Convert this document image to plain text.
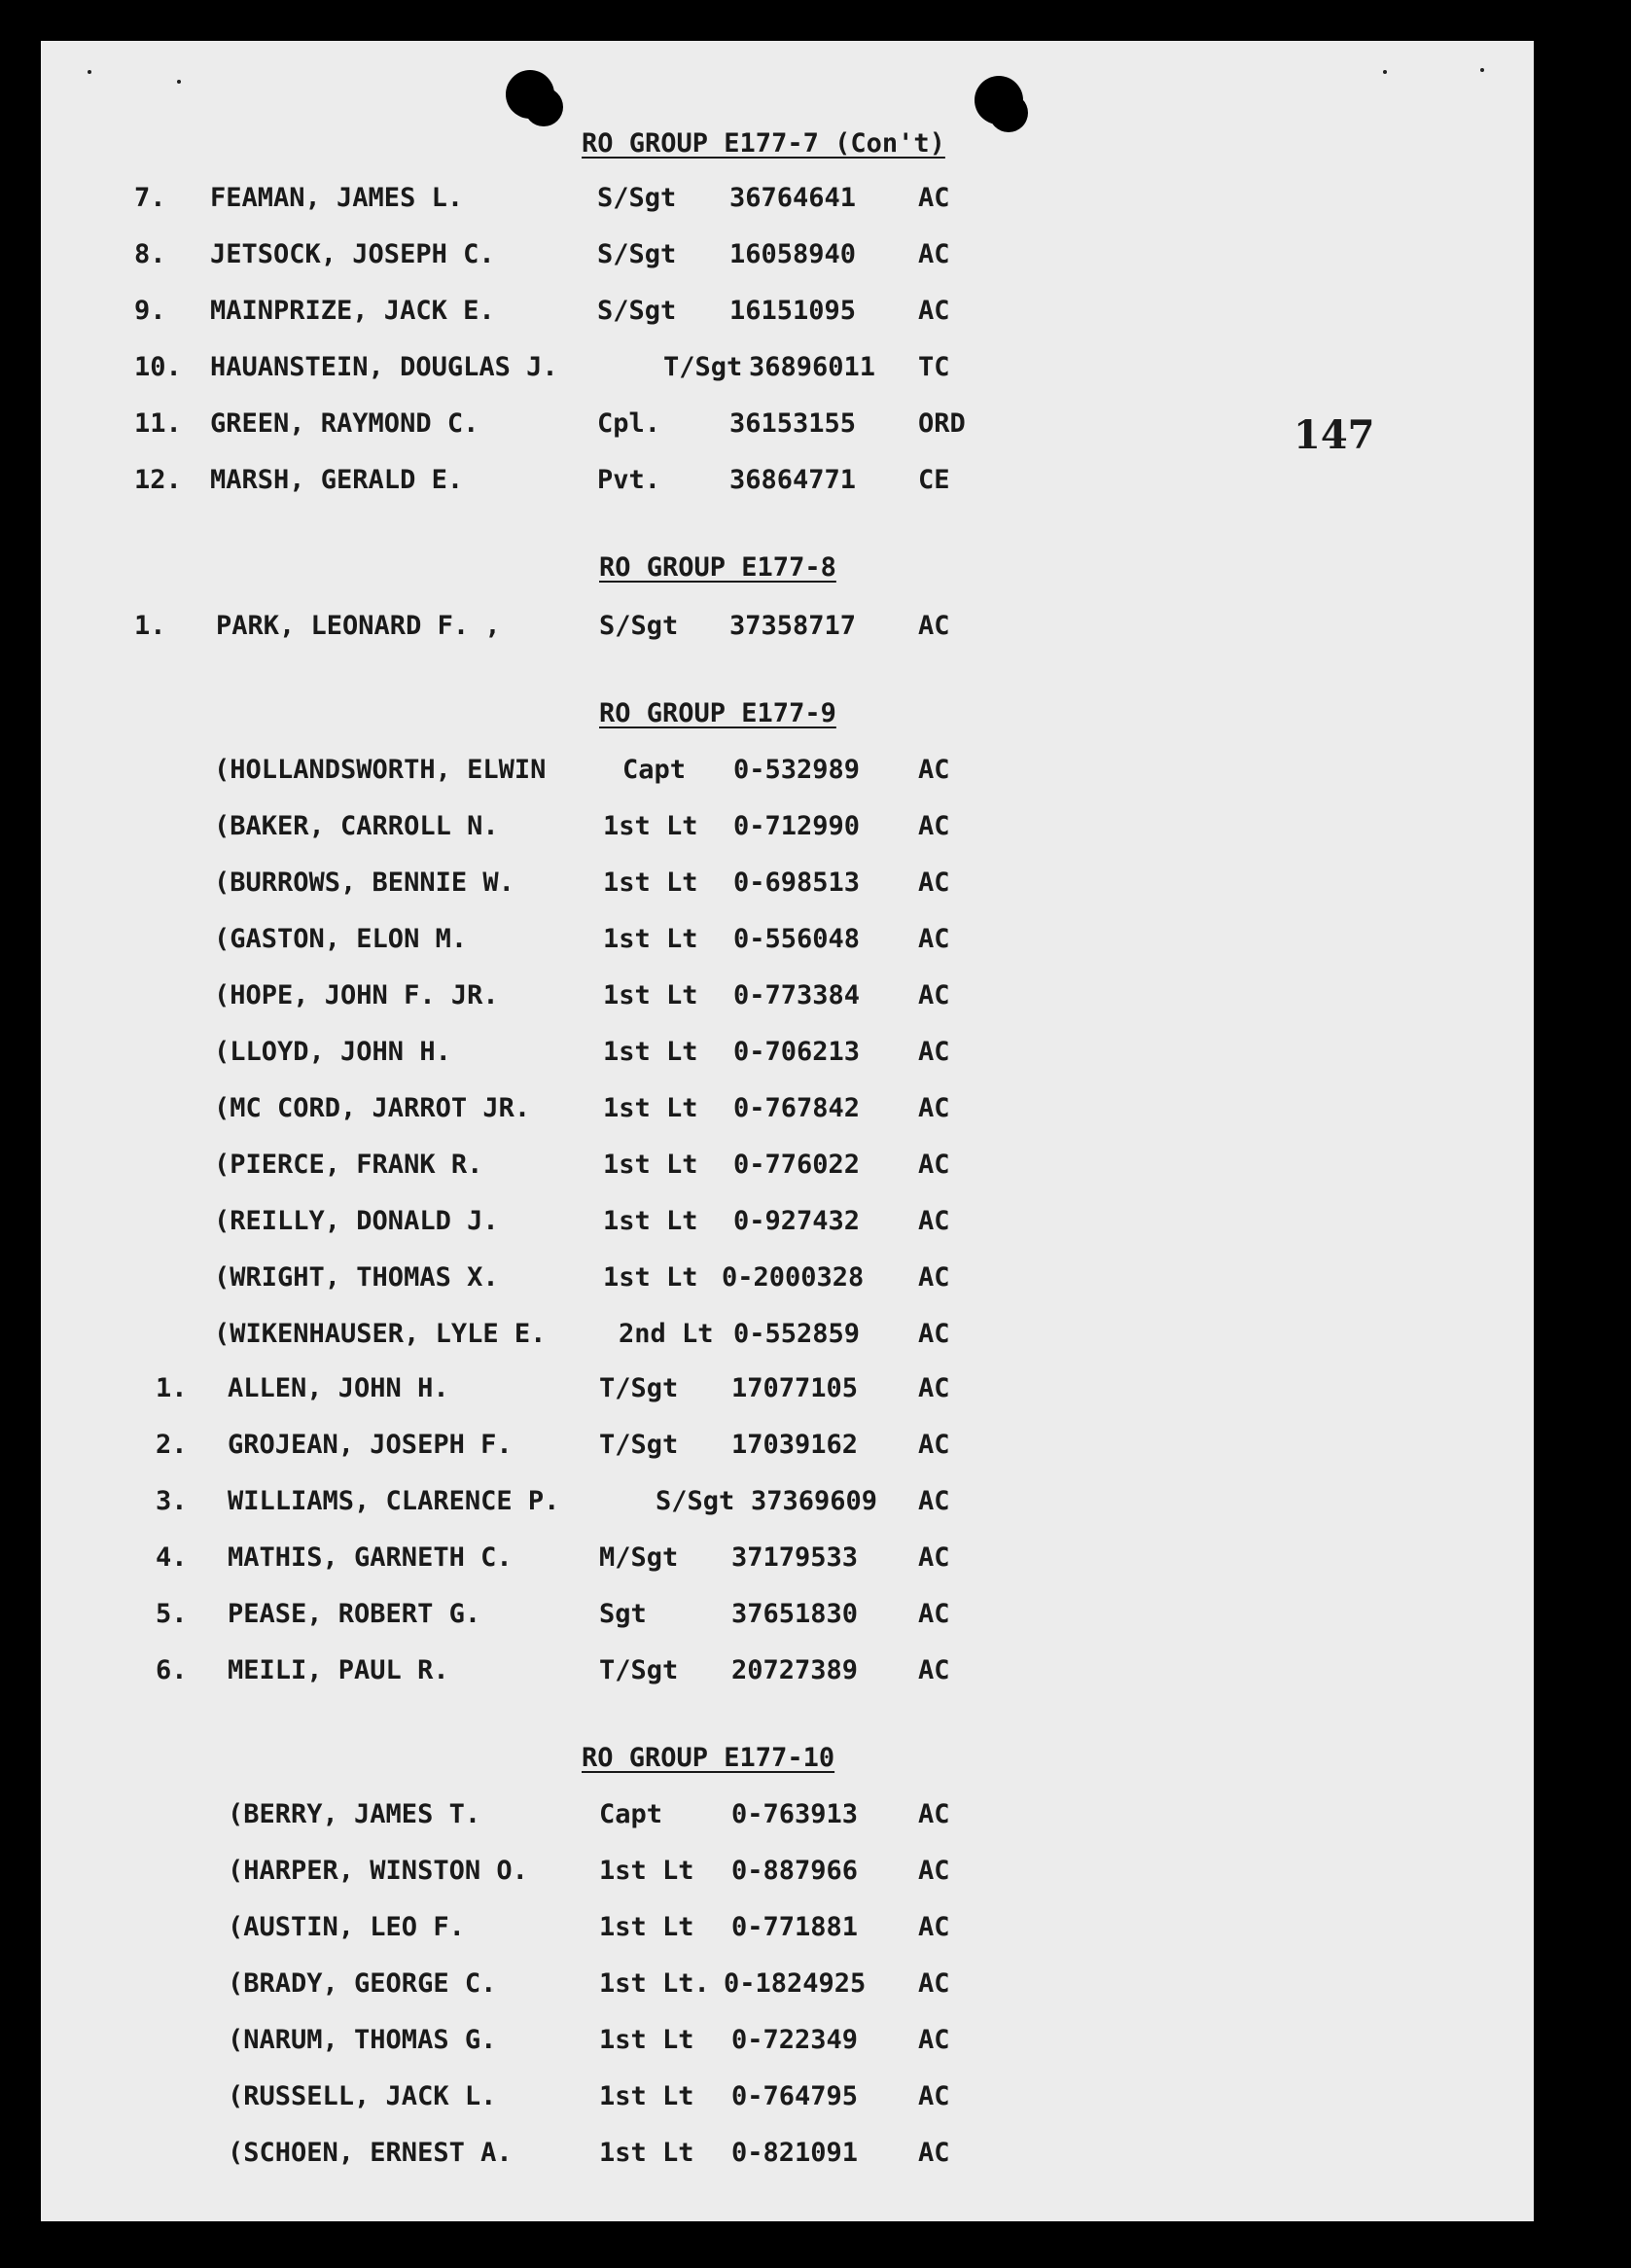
147
RO GROUP E177-7 (Con't)
7.	FEAMAN, JAMES L.	S/Sgt 36764641 AC
8.	JETSOCK, JOSEPH C.	S/Sgt 16058940 AC
9.	MAINPRIZE, JACK E.	S/Sgt 16151095 AC
10.	HAUANSTEIN, DOUGLAS J.	T/Sgt 36896011 TC
11.	GREEN, RAYMOND C.	Cpl.	36153155 ORD
12.	MARSH, GERALD E.	Pvt.	36864771 CE
RO GROUP E177-8
1.	PARK, LEONARD F. ,	S/Sgt 37358717 AC
RO GROUP E177-9
(HOLLANDSWORTH, ELWIN	Capt 0-532989 AC
(BAKER, CARROLL N.	1st Lt 0-712990 AC
(BURROWS, BENNIE W.	1st Lt 0-698513 AC
(GASTON, ELON M.	1st Lt 0-556048 AC
(HOPE, JOHN F. JR.	1st Lt 0-773384 AC
(LLOYD, JOHN H.	1st Lt 0-706213 AC
(MC CORD, JARROT JR.	1st Lt 0-767842 AC
(PIERCE, FRANK R.	1st Lt 0-776022 AC
(REILLY, DONALD J.	1st Lt 0-927432 AC
(WRIGHT, THOMAS X.	1st Lt 0-2000328 AC
(WIKENHAUSER, LYLE E.	2nd Lt 0-552859 AC
1.	ALLEN, JOHN H.	T/Sgt 17077105 AC
2.	GROJEAN, JOSEPH F.	T/Sgt 17039162 AC
3.	WILLIAMS, CLARENCE P.	S/Sgt 37369609 AC
4.	MATHIS, GARNETH C.	M/Sgt 37179533 AC
5.	PEASE, ROBERT G.	Sgt	37651830 AC
6.	MEILI, PAUL R.	T/Sgt 20727389 AC
RO GROUP E177-10
(BERRY, JAMES T.	Capt	0-763913 AC
(HARPER, WINSTON O.	1st Lt 0-887966 AC
(AUSTIN, LEO F.	1st Lt 0-771881 AC
(BRADY, GEORGE C.	1st Lt. 0-1824925 AC
(NARUM, THOMAS G.	1st Lt 0-722349 AC
(RUSSELL, JACK L.	1st Lt 0-764795 AC
(SCHOEN, ERNEST A.	1st Lt 0-821091 AC
